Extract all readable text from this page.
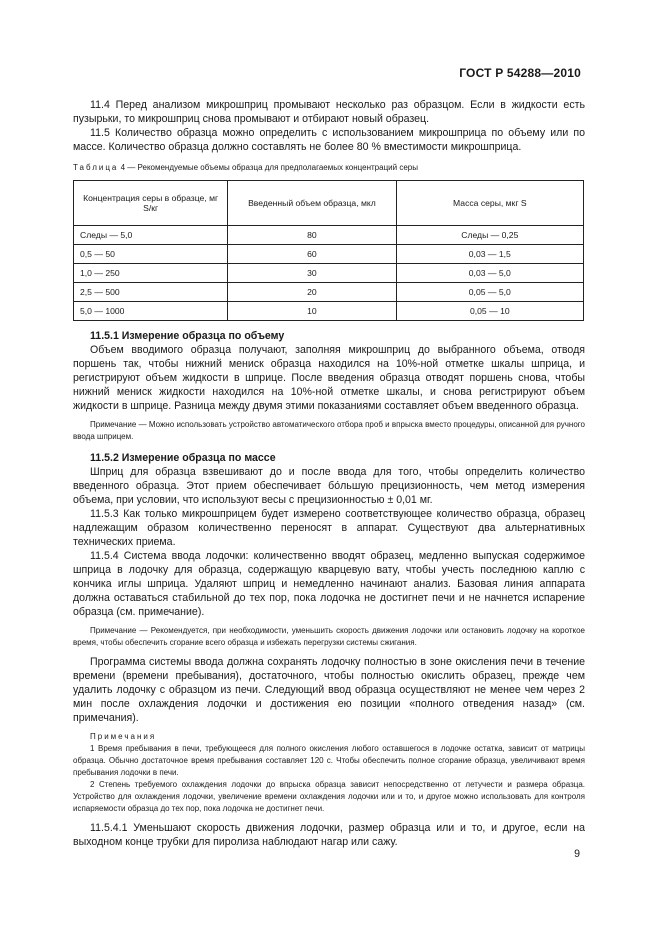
ГОСТ Р 54288—2010

11.4 Перед анализом микрошприц промывают несколько раз образцом. Если в жидкости есть пузырьки, то микрошприц снова промывают и отбирают новый образец.

11.5 Количество образца можно определить с использованием микрошприца по объему или по массе. Количество образца должно составлять не более 80 % вместимости микрошприца.

Таблица 4 — Рекомендуемые объемы образца для предполагаемых концентраций серы
Концентрация серы в образце, мг S/кг	Введенный объем образца, мкл	Масса серы, мкг S
Следы — 5,0	80	Следы — 0,25
0,5 — 50	60	0,03 — 1,5
1,0 — 250	30	0,03 — 5,0
2,5 — 500	20	0,05 — 5,0
5,0 — 1000	10	0,05 — 10

11.5.1 Измерение образца по объему

Объем вводимого образца получают, заполняя микрошприц до выбранного объема, отводя поршень так, чтобы нижний мениск образца находился на 10%-ной отметке шкалы шприца, и регистрируют объем жидкости в шприце. После введения образца отводят поршень снова, чтобы нижний мениск жидкости находился на 10%-ной отметке шкалы, и снова регистрируют объем жидкости в шприце. Разница между двумя этими показаниями составляет объем введенного образца.

Примечание — Можно использовать устройство автоматического отбора проб и впрыска вместо процедуры, описанной для ручного ввода шприцем.

11.5.2 Измерение образца по массе

Шприц для образца взвешивают до и после ввода для того, чтобы определить количество введенного образца. Этот прием обеспечивает бо́льшую прецизионность, чем метод измерения объема, при условии, что используют весы с прецизионностью ± 0,01 мг.

11.5.3 Как только микрошприцем будет измерено соответствующее количество образца, образец надлежащим образом количественно переносят в аппарат. Существуют два альтернативных технических приема.

11.5.4 Система ввода лодочки: количественно вводят образец, медленно выпуская содержимое шприца в лодочку для образца, содержащую кварцевую вату, чтобы учесть последнюю каплю с кончика иглы шприца. Удаляют шприц и немедленно начинают анализ. Базовая линия аппарата должна оставаться стабильной до тех пор, пока лодочка не достигнет печи и не начнется испарение образца (см. примечание).

Примечание — Рекомендуется, при необходимости, уменьшить скорость движения лодочки или остановить лодочку на короткое время, чтобы обеспечить сгорание всего образца и избежать перегрузки системы сжигания.

Программа системы ввода должна сохранять лодочку полностью в зоне окисления печи в течение времени (времени пребывания), достаточного, чтобы полностью окислить образец, прежде чем удалить лодочку с образцом из печи. Следующий ввод образца осуществляют не менее чем через 2 мин после охлаждения лодочки и достижения ею позиции «полного отведения назад» (см. примечания).

Примечания

1 Время пребывания в печи, требующееся для полного окисления любого оставшегося в лодочке остатка, зависит от матрицы образца. Обычно достаточное время пребывания составляет 120 с. Чтобы обеспечить полное сгорание образца, увеличивают время пребывания лодочки в печи.

2 Степень требуемого охлаждения лодочки до впрыска образца зависит непосредственно от летучести и размера образца. Устройство для охлаждения лодочки, увеличение времени охлаждения лодочки или и то, и другое можно использовать для контроля испаряемости образца до тех пор, пока лодочка не достигнет печи.

11.5.4.1 Уменьшают скорость движения лодочки, размер образца или и то, и другое, если на выходном конце трубки для пиролиза наблюдают нагар или сажу.

9
